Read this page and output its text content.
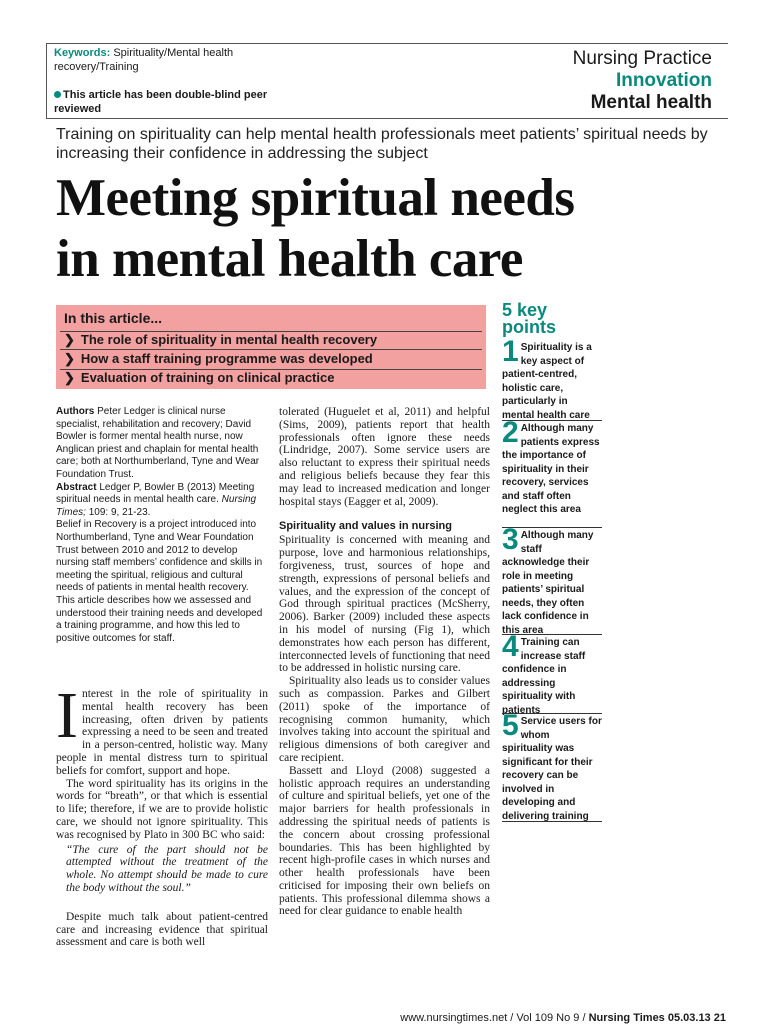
Keywords: Spirituality/Mental health recovery/Training
This article has been double-blind peer reviewed
Nursing Practice
Innovation
Mental health
Training on spirituality can help mental health professionals meet patients’ spiritual needs by increasing their confidence in addressing the subject
Meeting spiritual needs
in mental health care
In this article...
❯ The role of spirituality in mental health recovery
❯ How a staff training programme was developed
❯ Evaluation of training on clinical practice
5 key points
1 Spirituality is a key aspect of patient-centred, holistic care, particularly in mental health care
2 Although many patients express the importance of spirituality in their recovery, services and staff often neglect this area
3 Although many staff acknowledge their role in meeting patients’ spiritual needs, they often lack confidence in this area
4 Training can increase staff confidence in addressing spirituality with patients
5 Service users for whom spirituality was significant for their recovery can be involved in developing and delivering training

Authors Peter Ledger is clinical nurse specialist, rehabilitation and recovery; David Bowler is former mental health nurse, now Anglican priest and chaplain for mental health care; both at Northumberland, Tyne and Wear Foundation Trust.

Abstract Ledger P, Bowler B (2013) Meeting spiritual needs in mental health care. Nursing Times; 109: 9, 21-23.

Belief in Recovery is a project introduced into Northumberland, Tyne and Wear Foundation Trust between 2010 and 2012 to develop nursing staff members’ confidence and skills in meeting the spiritual, religious and cultural needs of patients in mental health recovery. This article describes how we assessed and understood their training needs and developed a training programme, and how this led to positive outcomes for staff.

Interest in the role of spirituality in mental health recovery has been increasing, often driven by patients expressing a need to be seen and treated in a person-centred, holistic way. Many people in mental distress turn to spiritual beliefs for comfort, support and hope.

The word spirituality has its origins in the words for “breath”, or that which is essential to life; therefore, if we are to provide holistic care, we should not ignore spirituality. This was recognised by Plato in 300 BC who said:

“The cure of the part should not be attempted without the treatment of the whole. No attempt should be made to cure the body without the soul.”

Despite much talk about patient-centred care and increasing evidence that spiritual assessment and care is both well

tolerated (Huguelet et al, 2011) and helpful (Sims, 2009), patients report that health professionals often ignore these needs (Lindridge, 2007). Some service users are also reluctant to express their spiritual needs and religious beliefs because they fear this may lead to increased medication and longer hospital stays (Eagger et al, 2009).

Spirituality and values in nursing

Spirituality is concerned with meaning and purpose, love and harmonious relationships, forgiveness, trust, sources of hope and strength, expressions of personal beliefs and values, and the expression of the concept of God through spiritual practices (McSherry, 2006). Barker (2009) included these aspects in his model of nursing (Fig 1), which demonstrates how each person has different, interconnected levels of functioning that need to be addressed in holistic nursing care.

Spirituality also leads us to consider values such as compassion. Parkes and Gilbert (2011) spoke of the importance of recognising common humanity, which involves taking into account the spiritual and religious dimensions of both caregiver and care recipient.

Bassett and Lloyd (2008) suggested a holistic approach requires an understanding of culture and spiritual beliefs, yet one of the major barriers for health professionals in addressing the spiritual needs of patients is the concern about crossing professional boundaries. This has been highlighted by recent high-profile cases in which nurses and other health professionals have been criticised for imposing their own beliefs on patients. This professional dilemma shows a need for clear guidance to enable health

www.nursingtimes.net / Vol 109 No 9 / Nursing Times 05.03.13 21
